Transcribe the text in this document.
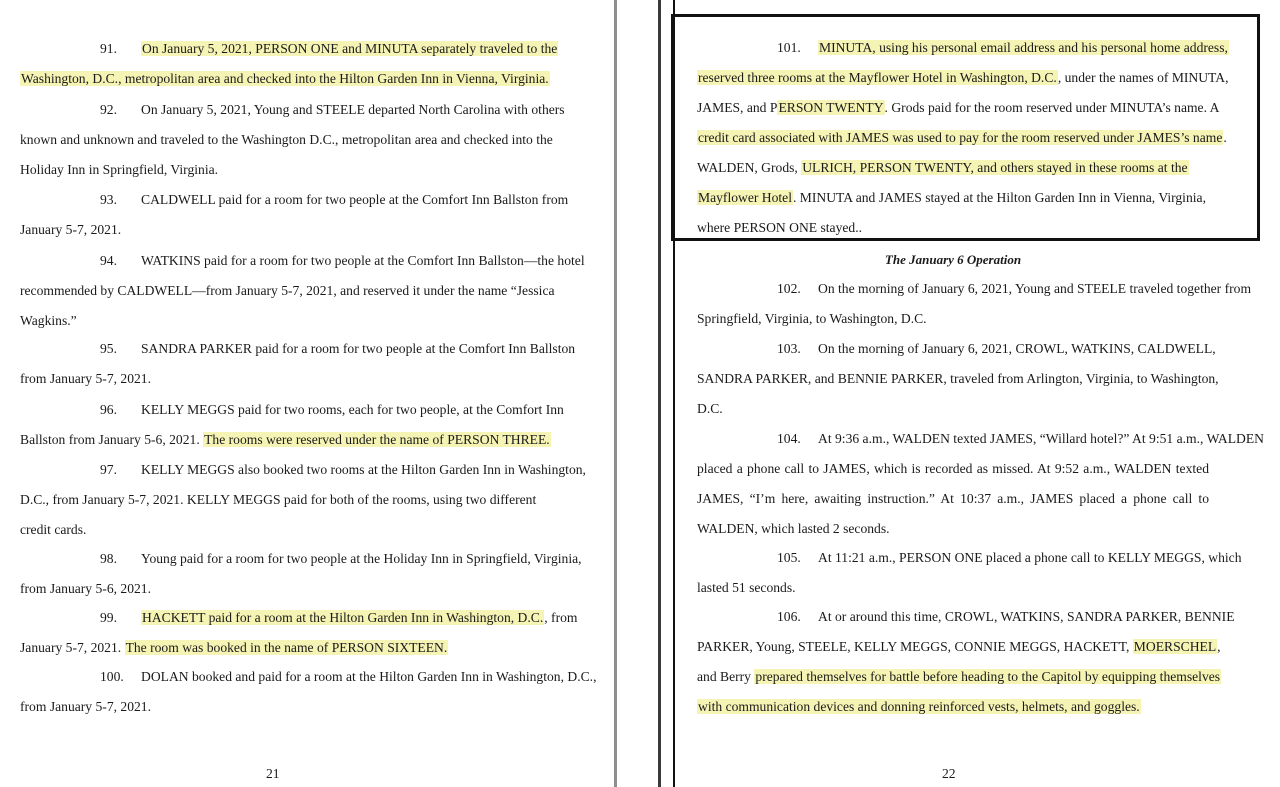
91. On January 5, 2021, PERSON ONE and MINUTA separately traveled to the
Washington, D.C., metropolitan area and checked into the Hilton Garden Inn in Vienna, Virginia.
92. On January 5, 2021, Young and STEELE departed North Carolina with others
known and unknown and traveled to the Washington D.C., metropolitan area and checked into the
Holiday Inn in Springfield, Virginia.
93. CALDWELL paid for a room for two people at the Comfort Inn Ballston from
January 5-7, 2021.
94. WATKINS paid for a room for two people at the Comfort Inn Ballston—the hotel
recommended by CALDWELL—from January 5-7, 2021, and reserved it under the name “Jessica
Wagkins.”
95. SANDRA PARKER paid for a room for two people at the Comfort Inn Ballston
from January 5-7, 2021.
96. KELLY MEGGS paid for two rooms, each for two people, at the Comfort Inn
Ballston from January 5-6, 2021. The rooms were reserved under the name of PERSON THREE.
97. KELLY MEGGS also booked two rooms at the Hilton Garden Inn in Washington,
D.C., from January 5-7, 2021. KELLY MEGGS paid for both of the rooms, using two different
credit cards.
98. Young paid for a room for two people at the Holiday Inn in Springfield, Virginia,
from January 5-6, 2021.
99. HACKETT paid for a room at the Hilton Garden Inn in Washington, D.C., from
January 5-7, 2021. The room was booked in the name of PERSON SIXTEEN.
100. DOLAN booked and paid for a room at the Hilton Garden Inn in Washington, D.C.,
from January 5-7, 2021.
21
101. MINUTA, using his personal email address and his personal home address,
reserved three rooms at the Mayflower Hotel in Washington, D.C., under the names of MINUTA,
JAMES, and PERSON TWENTY. Grods paid for the room reserved under MINUTA’s name. A
credit card associated with JAMES was used to pay for the room reserved under JAMES’s name.
WALDEN, Grods, ULRICH, PERSON TWENTY, and others stayed in these rooms at the
Mayflower Hotel. MINUTA and JAMES stayed at the Hilton Garden Inn in Vienna, Virginia,
where PERSON ONE stayed..
The January 6 Operation
102. On the morning of January 6, 2021, Young and STEELE traveled together from
Springfield, Virginia, to Washington, D.C.
103. On the morning of January 6, 2021, CROWL, WATKINS, CALDWELL,
SANDRA PARKER, and BENNIE PARKER, traveled from Arlington, Virginia, to Washington,
D.C.
104. At 9:36 a.m., WALDEN texted JAMES, “Willard hotel?” At 9:51 a.m., WALDEN
placed a phone call to JAMES, which is recorded as missed. At 9:52 a.m., WALDEN texted
JAMES, “I’m here, awaiting instruction.” At 10:37 a.m., JAMES placed a phone call to
WALDEN, which lasted 2 seconds.
105. At 11:21 a.m., PERSON ONE placed a phone call to KELLY MEGGS, which
lasted 51 seconds.
106. At or around this time, CROWL, WATKINS, SANDRA PARKER, BENNIE
PARKER, Young, STEELE, KELLY MEGGS, CONNIE MEGGS, HACKETT, MOERSCHEL,
and Berry prepared themselves for battle before heading to the Capitol by equipping themselves
with communication devices and donning reinforced vests, helmets, and goggles.
22
